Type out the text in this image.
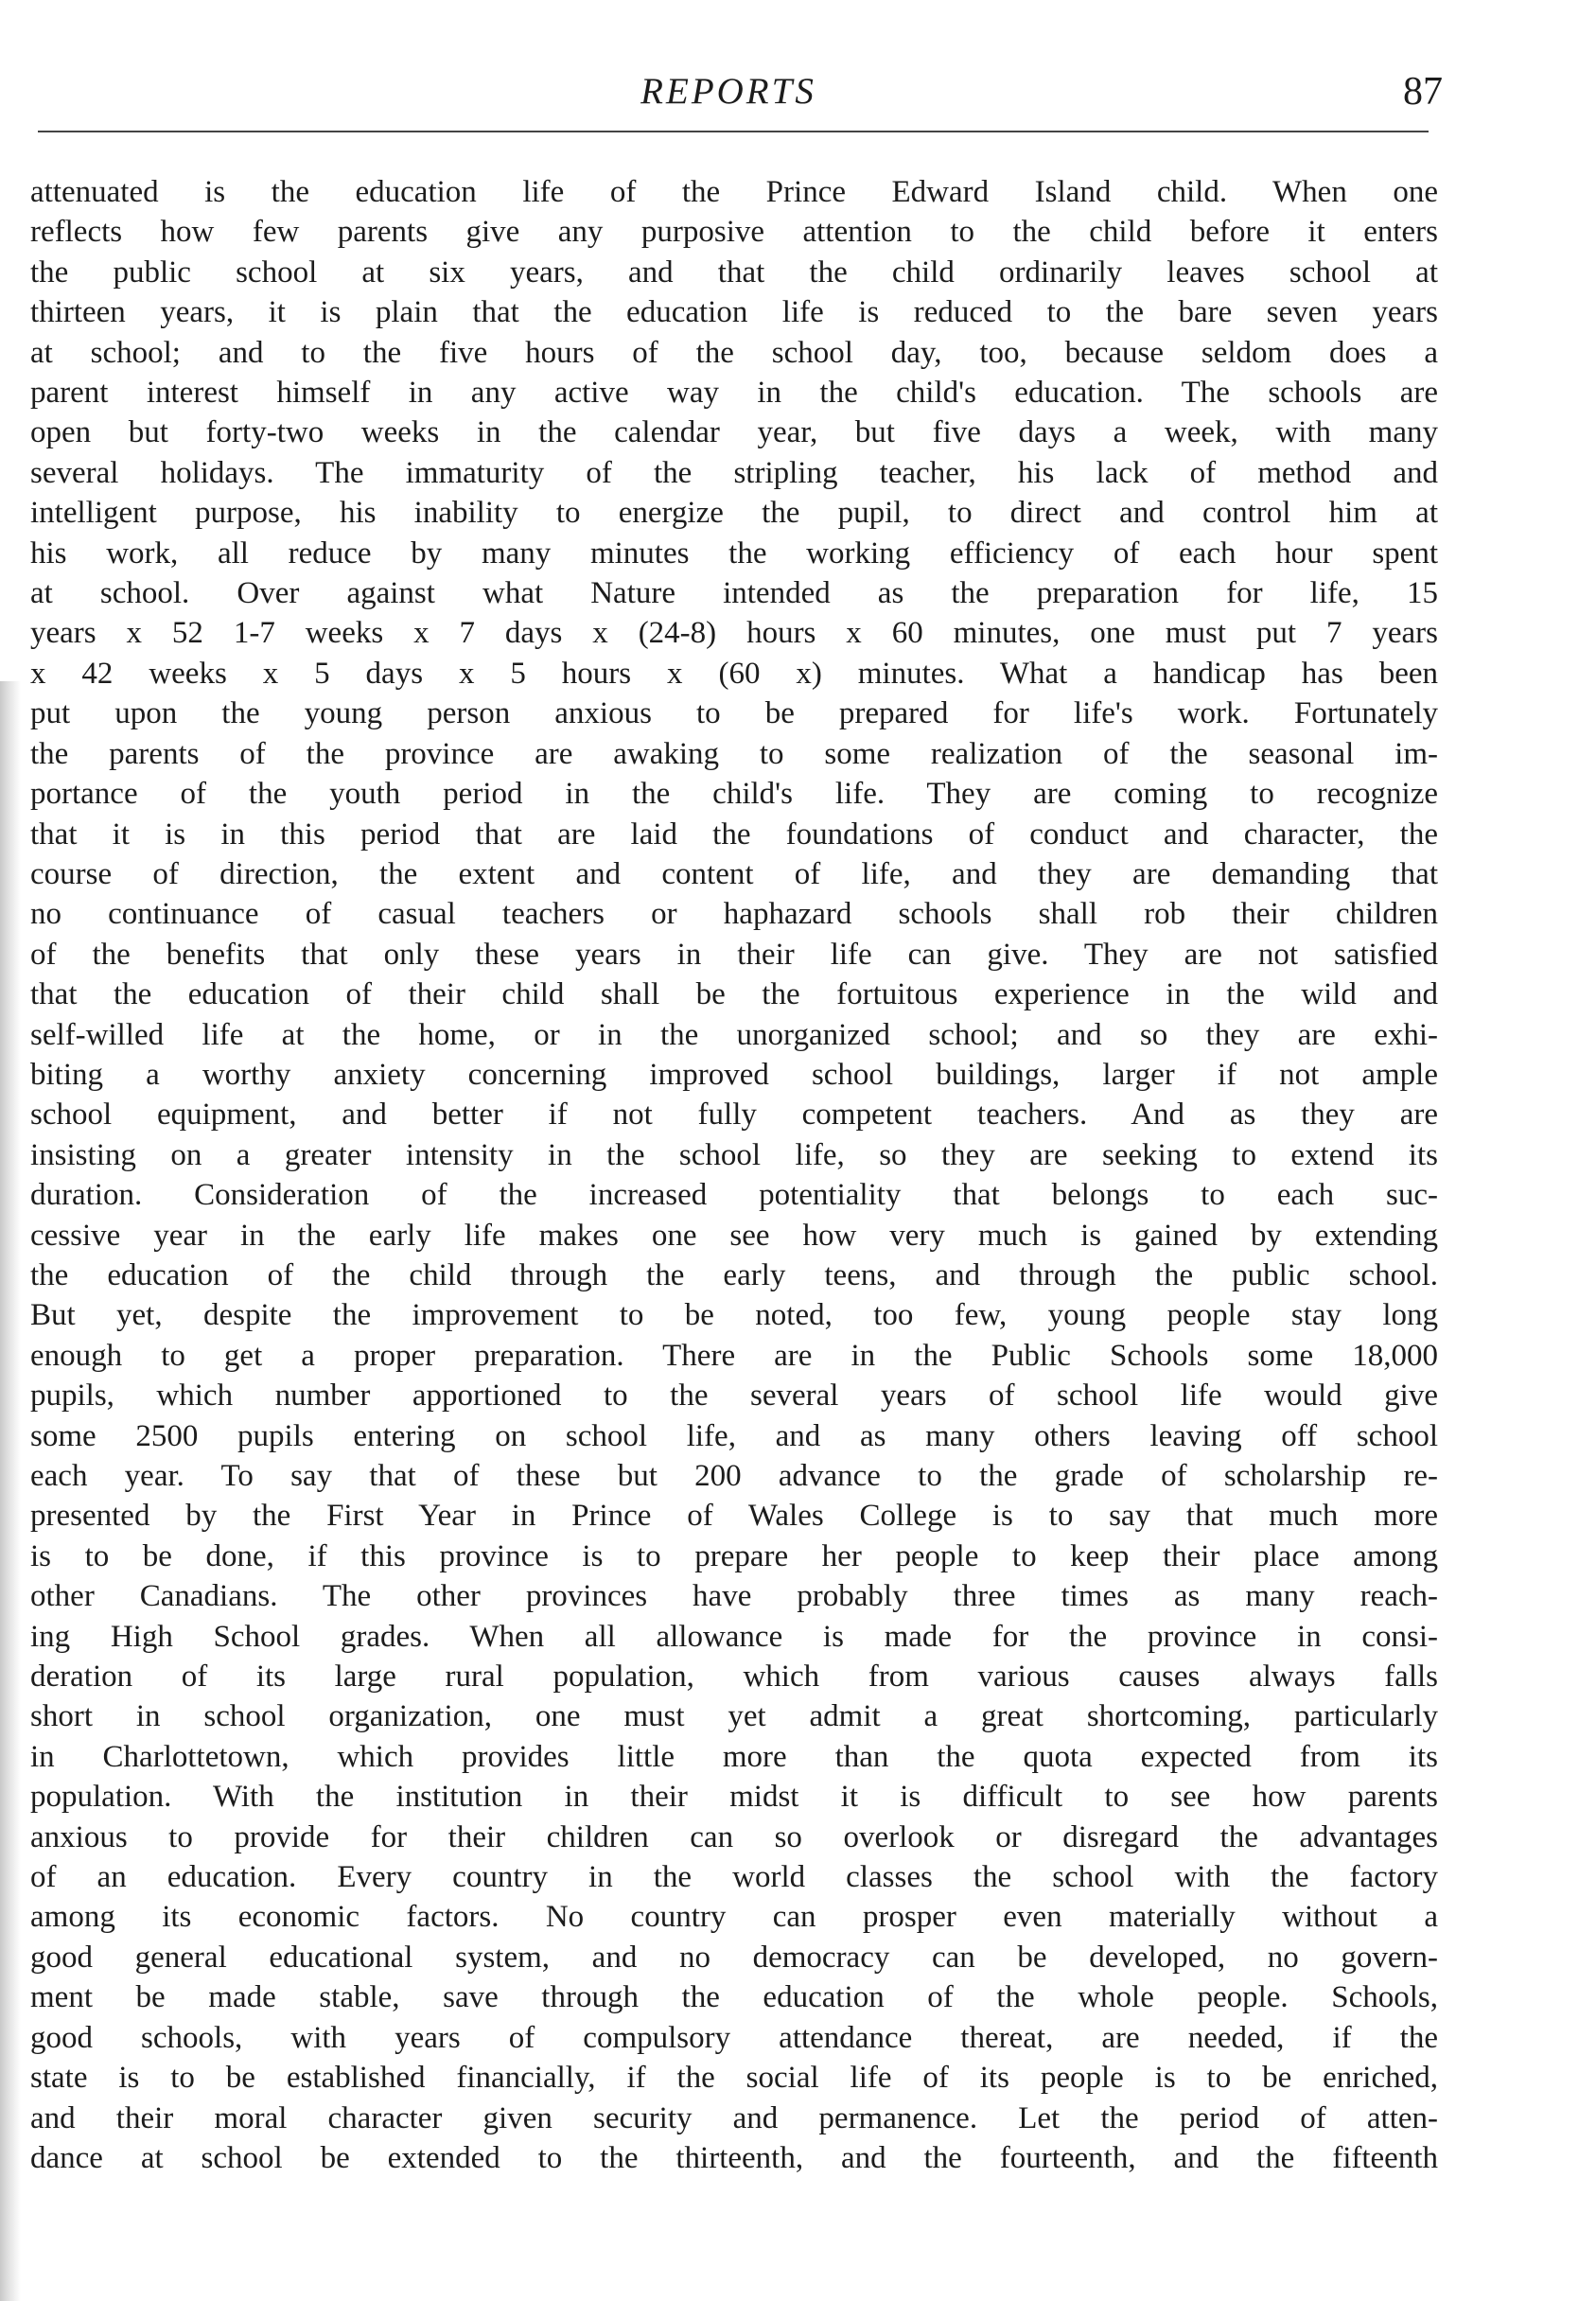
REPORTS	87
attenuated is the education life of the Prince Edward Island child. When one
reflects how few parents give any purposive attention to the child before it enters
the public school at six years, and that the child ordinarily leaves school at
thirteen years, it is plain that the education life is reduced to the bare seven years
at school; and to the five hours of the school day, too, because seldom does a
parent interest himself in any active way in the child's education. The schools are
open but forty-two weeks in the calendar year, but five days a week, with many
several holidays. The immaturity of the stripling teacher, his lack of method and
intelligent purpose, his inability to energize the pupil, to direct and control him at
his work, all reduce by many minutes the working efficiency of each hour spent
at school. Over against what Nature intended as the preparation for life, 15
years x 52 1-7 weeks x 7 days x (24-8) hours x 60 minutes, one must put 7 years
x 42 weeks x 5 days x 5 hours x (60 x) minutes. What a handicap has been
put upon the young person anxious to be prepared for life's work. Fortunately
the parents of the province are awaking to some realization of the seasonal im-
portance of the youth period in the child's life. They are coming to recognize
that it is in this period that are laid the foundations of conduct and character, the
course of direction, the extent and content of life, and they are demanding that
no continuance of casual teachers or haphazard schools shall rob their children
of the benefits that only these years in their life can give. They are not satisfied
that the education of their child shall be the fortuitous experience in the wild and
self-willed life at the home, or in the unorganized school; and so they are exhi-
biting a worthy anxiety concerning improved school buildings, larger if not ample
school equipment, and better if not fully competent teachers. And as they are
insisting on a greater intensity in the school life, so they are seeking to extend its
duration. Consideration of the increased potentiality that belongs to each suc-
cessive year in the early life makes one see how very much is gained by extending
the education of the child through the early teens, and through the public school.
But yet, despite the improvement to be noted, too few, young people stay long
enough to get a proper preparation. There are in the Public Schools some 18,000
pupils, which number apportioned to the several years of school life would give
some 2500 pupils entering on school life, and as many others leaving off school
each year. To say that of these but 200 advance to the grade of scholarship re-
presented by the First Year in Prince of Wales College is to say that much more
is to be done, if this province is to prepare her people to keep their place among
other Canadians. The other provinces have probably three times as many reach-
ing High School grades. When all allowance is made for the province in consi-
deration of its large rural population, which from various causes always falls
short in school organization, one must yet admit a great shortcoming, particularly
in Charlottetown, which provides little more than the quota expected from its
population. With the institution in their midst it is difficult to see how parents
anxious to provide for their children can so overlook or disregard the advantages
of an education. Every country in the world classes the school with the factory
among its economic factors. No country can prosper even materially without a
good general educational system, and no democracy can be developed, no govern-
ment be made stable, save through the education of the whole people. Schools,
good schools, with years of compulsory attendance thereat, are needed, if the
state is to be established financially, if the social life of its people is to be enriched,
and their moral character given security and permanence. Let the period of atten-
dance at school be extended to the thirteenth, and the fourteenth, and the fifteenth
